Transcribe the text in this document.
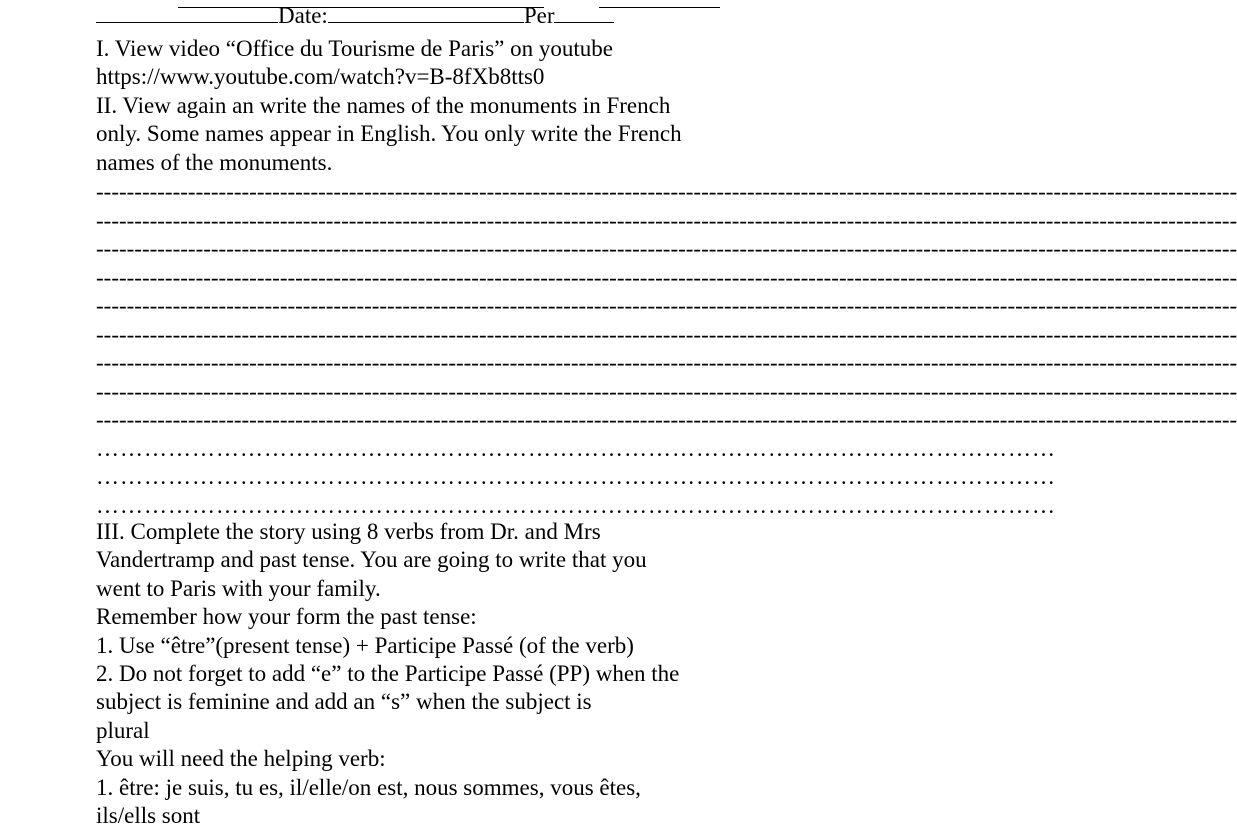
Date:	Per
I. View video “Office du Tourisme de Paris” on youtube
https://www.youtube.com/watch?v=B-8fXb8tts0
II. View again an write the names of the monuments in French
only. Some names appear in English. You only write the French
names of the monuments.
-----------------------------------------------------------------------------------------------------------------------------------------------------
-----------------------------------------------------------------------------------------------------------------------------------------------------
-----------------------------------------------------------------------------------------------------------------------------------------------------
-----------------------------------------------------------------------------------------------------------------------------------------------------
-----------------------------------------------------------------------------------------------------------------------------------------------------
-----------------------------------------------------------------------------------------------------------------------------------------------------
-----------------------------------------------------------------------------------------------------------------------------------------------------
-----------------------------------------------------------------------------------------------------------------------------------------------------
-----------------------------------------------------------------------------------------------------------------------------------------------------
…………………………………………………………………………………………………………
…………………………………………………………………………………………………………
…………………………………………………………………………………………………………
III. Complete the story using 8 verbs from Dr. and Mrs
Vandertramp and past tense. You are going to write that you
went to Paris with your family.
Remember how your form the past tense:
1. Use “être”(present tense) + Participe Passé (of the verb)
2. Do not forget to add “e” to the Participe Passé (PP) when the
subject is feminine and add an “s” when the subject is
plural
You will need the helping verb:
1. être: je suis, tu es, il/elle/on est, nous sommes, vous êtes,
ils/ells sont
